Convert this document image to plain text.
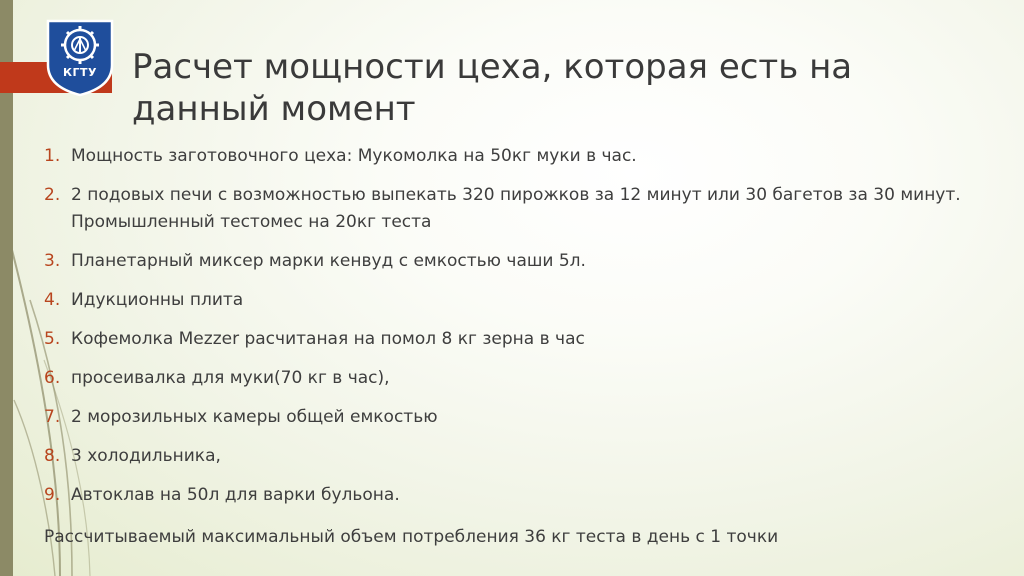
КГТУ	Расчет мощности цеха, которая есть на данный момент
1. Мощность заготовочного цеха: Мукомолка на 50кг муки в час.
2. 2 подовых печи с возможностью выпекать 320 пирожков за 12 минут или 30 багетов за 30 минут. Промышленный тестомес на 20кг теста
3. Планетарный миксер марки кенвуд с емкостью чаши 5л.
4. Идукционны плита
5. Кофемолка Mezzer расчитаная на помол 8 кг зерна в час
6. просеивалка для муки(70 кг в час),
7. 2 морозильных камеры общей емкостью
8. 3 холодильника,
9. Автоклав на 50л для варки бульона.

Рассчитываемый максимальный объем потребления 36 кг теста в день с 1 точки
